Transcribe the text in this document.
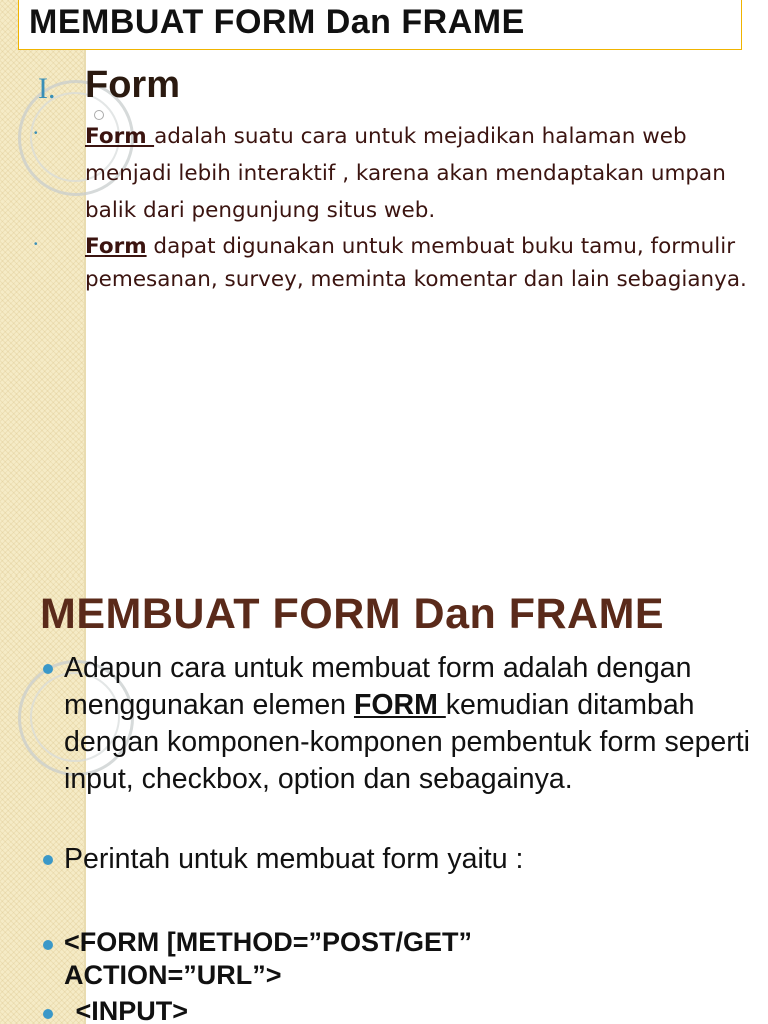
MEMBUAT FORM Dan FRAME
I. Form
• Form adalah suatu cara untuk mejadikan halaman web menjadi lebih interaktif , karena akan mendaptakan umpan balik dari pengunjung situs web.
• Form dapat digunakan untuk membuat buku tamu, formulir pemesanan, survey, meminta komentar dan lain sebagianya.
MEMBUAT FORM Dan FRAME
Adapun cara untuk membuat form adalah dengan menggunakan elemen FORM kemudian ditambah dengan komponen-komponen pembentuk form seperti input, checkbox, option dan sebagainya.
Perintah untuk membuat form yaitu :
<FORM [METHOD=”POST/GET” ACTION=”URL”>
<INPUT>
